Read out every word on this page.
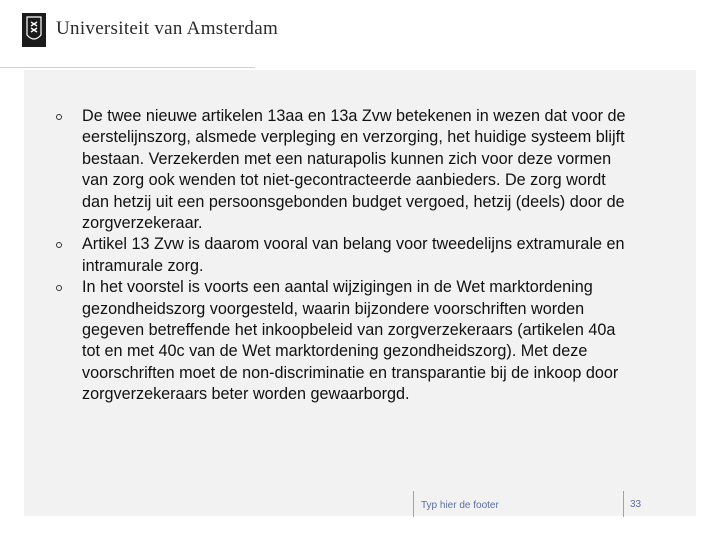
Universiteit van Amsterdam
De twee nieuwe artikelen 13aa en 13a Zvw betekenen in wezen dat voor de eerstelijnszorg, alsmede verpleging en verzorging, het huidige systeem blijft bestaan. Verzekerden met een naturapolis kunnen zich voor deze vormen van zorg ook wenden tot niet-gecontracteerde aanbieders. De zorg wordt dan hetzij uit een persoonsgebonden budget vergoed, hetzij (deels) door de zorgverzekeraar.
Artikel 13 Zvw is daarom vooral van belang voor tweedelijns extramurale en intramurale zorg.
In het voorstel is voorts een aantal wijzigingen in de Wet marktordening gezondheidszorg voorgesteld, waarin bijzondere voorschriften worden gegeven betreffende het inkoopbeleid van zorgverzekeraars (artikelen 40a tot en met 40c van de Wet marktordening gezondheidszorg). Met deze voorschriften moet de non-discriminatie en transparantie bij de inkoop door zorgverzekeraars beter worden gewaarborgd.
Typ hier de footer	33
